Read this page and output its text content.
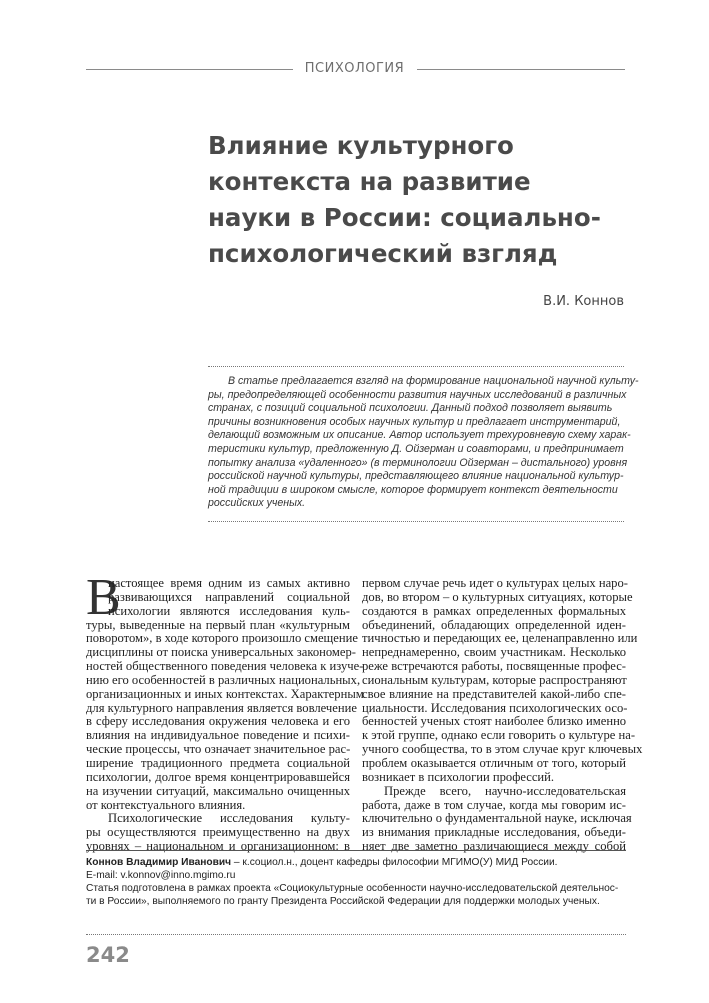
ПСИХОЛОГИЯ
Влияние культурного
контекста на развитие
науки в России: социально-
психологический взгляд
В.И. Коннов
В статье предлагается взгляд на формирование национальной научной культу-
ры, предопределяющей особенности развития научных исследований в различных
странах, с позиций социальной психологии. Данный подход позволяет выявить
причины возникновения особых научных культур и предлагает инструментарий,
делающий возможным их описание. Автор использует трехуровневую схему харак-
теристики культур, предложенную Д. Ойзерман и соавторами, и предпринимает
попытку анализа «удаленного» (в терминологии Ойзерман – дистального) уровня
российской научной культуры, представляющего влияние национальной культур-
ной традиции в широком смысле, которое формирует контекст деятельности
российских ученых.
В
настоящее время одним из самых активно
развивающихся направлений социальной
психологии являются исследования куль-
туры, выведенные на первый план «культурным
поворотом», в ходе которого произошло смещение
дисциплины от поиска универсальных закономер-
ностей общественного поведения человека к изуче-
нию его особенностей в различных национальных,
организационных и иных контекстах. Характерным
для культурного направления является вовлечение
в сферу исследования окружения человека и его
влияния на индивидуальное поведение и психи-
ческие процессы, что означает значительное рас-
ширение традиционного предмета социальной
психологии, долгое время концентрировавшейся
на изучении ситуаций, максимально очищенных
от контекстуального влияния.
Психологические исследования культу-
ры осуществляются преимущественно на двух
уровнях – национальном и организационном: в
первом случае речь идет о культурах целых наро-
дов, во втором – о культурных ситуациях, которые
создаются в рамках определенных формальных
объединений, обладающих определенной иден-
тичностью и передающих ее, целенаправленно или
непреднамеренно, своим участникам. Несколько
реже встречаются работы, посвященные профес-
сиональным культурам, которые распространяют
свое влияние на представителей какой-либо спе-
циальности. Исследования психологических осо-
бенностей ученых стоят наиболее близко именно
к этой группе, однако если говорить о культуре на-
учного сообщества, то в этом случае круг ключевых
проблем оказывается отличным от того, который
возникает в психологии профессий.
Прежде всего, научно-исследовательская
работа, даже в том случае, когда мы говорим ис-
ключительно о фундаментальной науке, исключая
из внимания прикладные исследования, объеди-
няет две заметно различающиеся между собой
Коннов Владимир Иванович – к.социол.н., доцент кафедры философии МГИМО(У) МИД России.
E-mail: v.konnov@inno.mgimo.ru
Статья подготовлена в рамках проекта «Социокультурные особенности научно-исследовательской деятельнос-
ти в России», выполняемого по гранту Президента Российской Федерации для поддержки молодых ученых.
242
